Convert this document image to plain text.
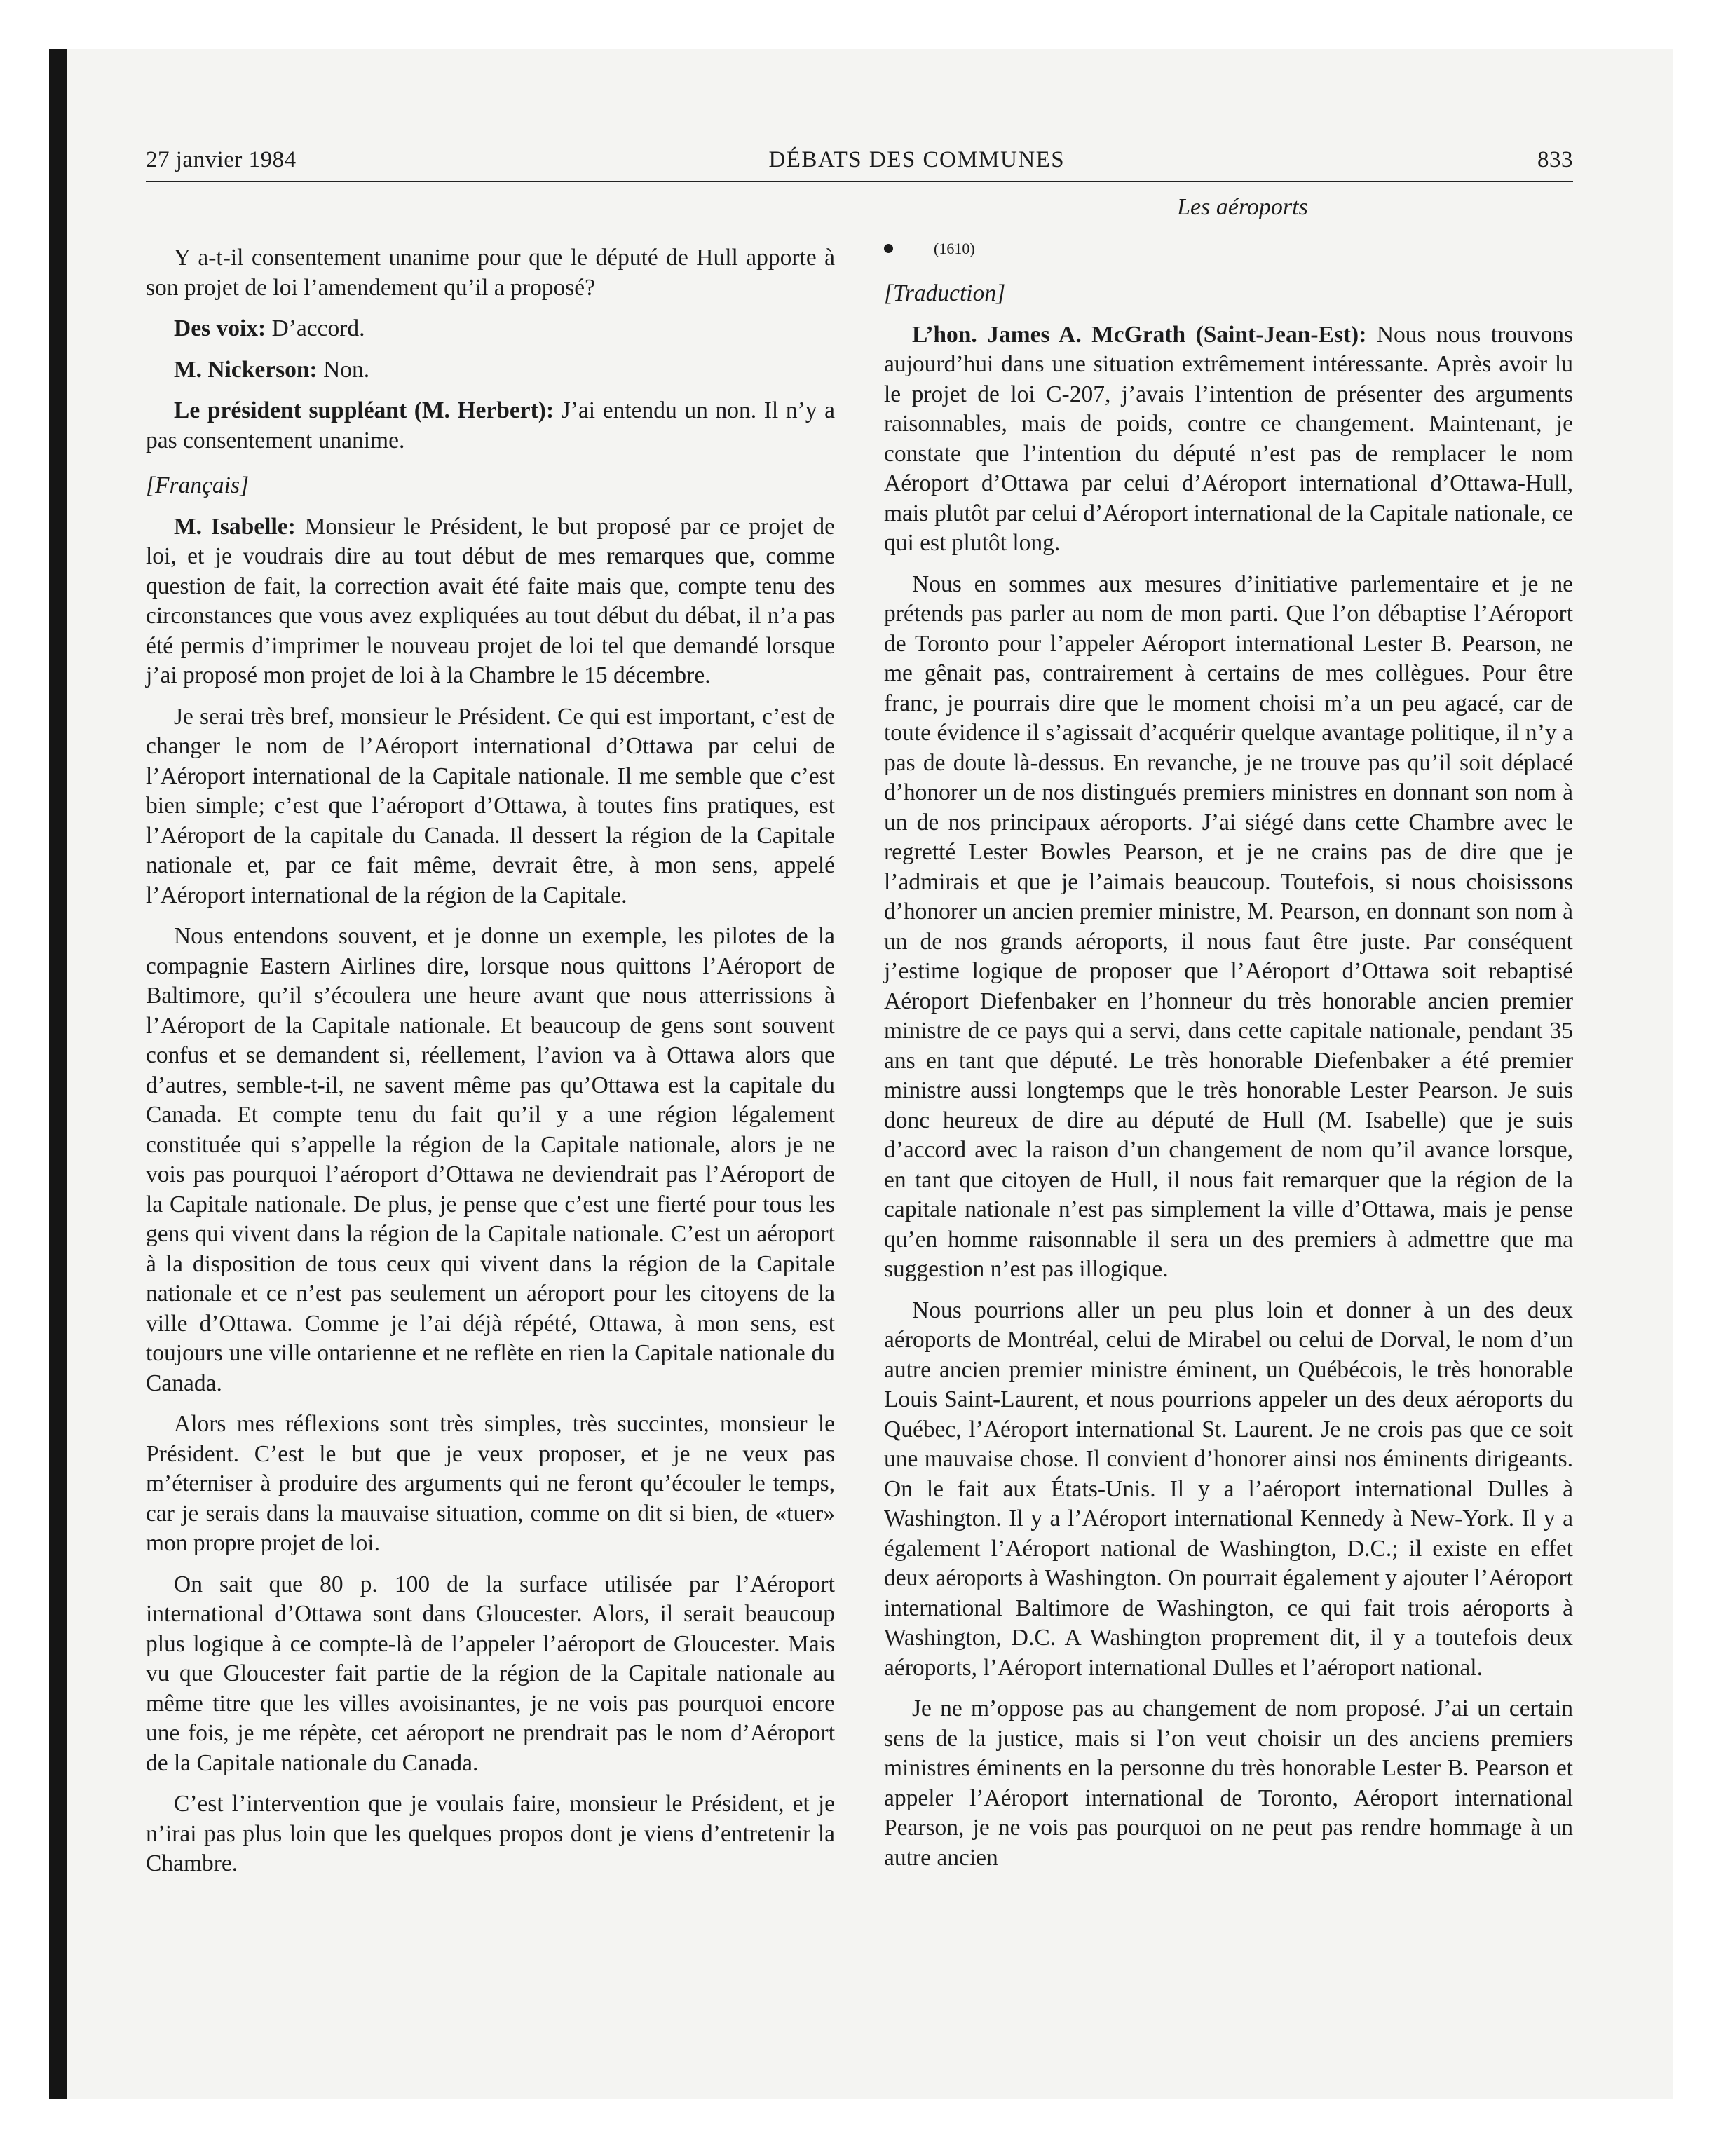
27 janvier 1984	DÉBATS DES COMMUNES	833

Y a-t-il consentement unanime pour que le député de Hull apporte à son projet de loi l’amendement qu’il a proposé?

Des voix: D’accord.

M. Nickerson: Non.

Le président suppléant (M. Herbert): J’ai entendu un non. Il n’y a pas consentement unanime.

[Français]

M. Isabelle: Monsieur le Président, le but proposé par ce projet de loi, et je voudrais dire au tout début de mes remarques que, comme question de fait, la correction avait été faite mais que, compte tenu des circonstances que vous avez expliquées au tout début du débat, il n’a pas été permis d’imprimer le nouveau projet de loi tel que demandé lorsque j’ai proposé mon projet de loi à la Chambre le 15 décembre.

Je serai très bref, monsieur le Président. Ce qui est important, c’est de changer le nom de l’Aéroport international d’Ottawa par celui de l’Aéroport international de la Capitale nationale. Il me semble que c’est bien simple; c’est que l’aéroport d’Ottawa, à toutes fins pratiques, est l’Aéroport de la capitale du Canada. Il dessert la région de la Capitale nationale et, par ce fait même, devrait être, à mon sens, appelé l’Aéroport international de la région de la Capitale.

Nous entendons souvent, et je donne un exemple, les pilotes de la compagnie Eastern Airlines dire, lorsque nous quittons l’Aéroport de Baltimore, qu’il s’écoulera une heure avant que nous atterrissions à l’Aéroport de la Capitale nationale. Et beaucoup de gens sont souvent confus et se demandent si, réellement, l’avion va à Ottawa alors que d’autres, semble-t-il, ne savent même pas qu’Ottawa est la capitale du Canada. Et compte tenu du fait qu’il y a une région légalement constituée qui s’appelle la région de la Capitale nationale, alors je ne vois pas pourquoi l’aéroport d’Ottawa ne deviendrait pas l’Aéroport de la Capitale nationale. De plus, je pense que c’est une fierté pour tous les gens qui vivent dans la région de la Capitale nationale. C’est un aéroport à la disposition de tous ceux qui vivent dans la région de la Capitale nationale et ce n’est pas seulement un aéroport pour les citoyens de la ville d’Ottawa. Comme je l’ai déjà répété, Ottawa, à mon sens, est toujours une ville ontarienne et ne reflète en rien la Capitale nationale du Canada.

Alors mes réflexions sont très simples, très succintes, monsieur le Président. C’est le but que je veux proposer, et je ne veux pas m’éterniser à produire des arguments qui ne feront qu’écouler le temps, car je serais dans la mauvaise situation, comme on dit si bien, de «tuer» mon propre projet de loi.

On sait que 80 p. 100 de la surface utilisée par l’Aéroport international d’Ottawa sont dans Gloucester. Alors, il serait beaucoup plus logique à ce compte-là de l’appeler l’aéroport de Gloucester. Mais vu que Gloucester fait partie de la région de la Capitale nationale au même titre que les villes avoisinantes, je ne vois pas pourquoi encore une fois, je me répète, cet aéroport ne prendrait pas le nom d’Aéroport de la Capitale nationale du Canada.

C’est l’intervention que je voulais faire, monsieur le Président, et je n’irai pas plus loin que les quelques propos dont je viens d’entretenir la Chambre.

Les aéroports

(1610)

[Traduction]

L’hon. James A. McGrath (Saint-Jean-Est): Nous nous trouvons aujourd’hui dans une situation extrêmement intéressante. Après avoir lu le projet de loi C-207, j’avais l’intention de présenter des arguments raisonnables, mais de poids, contre ce changement. Maintenant, je constate que l’intention du député n’est pas de remplacer le nom Aéroport d’Ottawa par celui d’Aéroport international d’Ottawa-Hull, mais plutôt par celui d’Aéroport international de la Capitale nationale, ce qui est plutôt long.

Nous en sommes aux mesures d’initiative parlementaire et je ne prétends pas parler au nom de mon parti. Que l’on débaptise l’Aéroport de Toronto pour l’appeler Aéroport international Lester B. Pearson, ne me gênait pas, contrairement à certains de mes collègues. Pour être franc, je pourrais dire que le moment choisi m’a un peu agacé, car de toute évidence il s’agissait d’acquérir quelque avantage politique, il n’y a pas de doute là-dessus. En revanche, je ne trouve pas qu’il soit déplacé d’honorer un de nos distingués premiers ministres en donnant son nom à un de nos principaux aéroports. J’ai siégé dans cette Chambre avec le regretté Lester Bowles Pearson, et je ne crains pas de dire que je l’admirais et que je l’aimais beaucoup. Toutefois, si nous choisissons d’honorer un ancien premier ministre, M. Pearson, en donnant son nom à un de nos grands aéroports, il nous faut être juste. Par conséquent j’estime logique de proposer que l’Aéroport d’Ottawa soit rebaptisé Aéroport Diefenbaker en l’honneur du très honorable ancien premier ministre de ce pays qui a servi, dans cette capitale nationale, pendant 35 ans en tant que député. Le très honorable Diefenbaker a été premier ministre aussi longtemps que le très honorable Lester Pearson. Je suis donc heureux de dire au député de Hull (M. Isabelle) que je suis d’accord avec la raison d’un changement de nom qu’il avance lorsque, en tant que citoyen de Hull, il nous fait remarquer que la région de la capitale nationale n’est pas simplement la ville d’Ottawa, mais je pense qu’en homme raisonnable il sera un des premiers à admettre que ma suggestion n’est pas illogique.

Nous pourrions aller un peu plus loin et donner à un des deux aéroports de Montréal, celui de Mirabel ou celui de Dorval, le nom d’un autre ancien premier ministre éminent, un Québécois, le très honorable Louis Saint-Laurent, et nous pourrions appeler un des deux aéroports du Québec, l’Aéroport international St. Laurent. Je ne crois pas que ce soit une mauvaise chose. Il convient d’honorer ainsi nos éminents dirigeants. On le fait aux États-Unis. Il y a l’aéroport international Dulles à Washington. Il y a l’Aéroport international Kennedy à New-York. Il y a également l’Aéroport national de Washington, D.C.; il existe en effet deux aéroports à Washington. On pourrait également y ajouter l’Aéroport international Baltimore de Washington, ce qui fait trois aéroports à Washington, D.C. A Washington proprement dit, il y a toutefois deux aéroports, l’Aéroport international Dulles et l’aéroport national.

Je ne m’oppose pas au changement de nom proposé. J’ai un certain sens de la justice, mais si l’on veut choisir un des anciens premiers ministres éminents en la personne du très honorable Lester B. Pearson et appeler l’Aéroport international de Toronto, Aéroport international Pearson, je ne vois pas pourquoi on ne peut pas rendre hommage à un autre ancien
